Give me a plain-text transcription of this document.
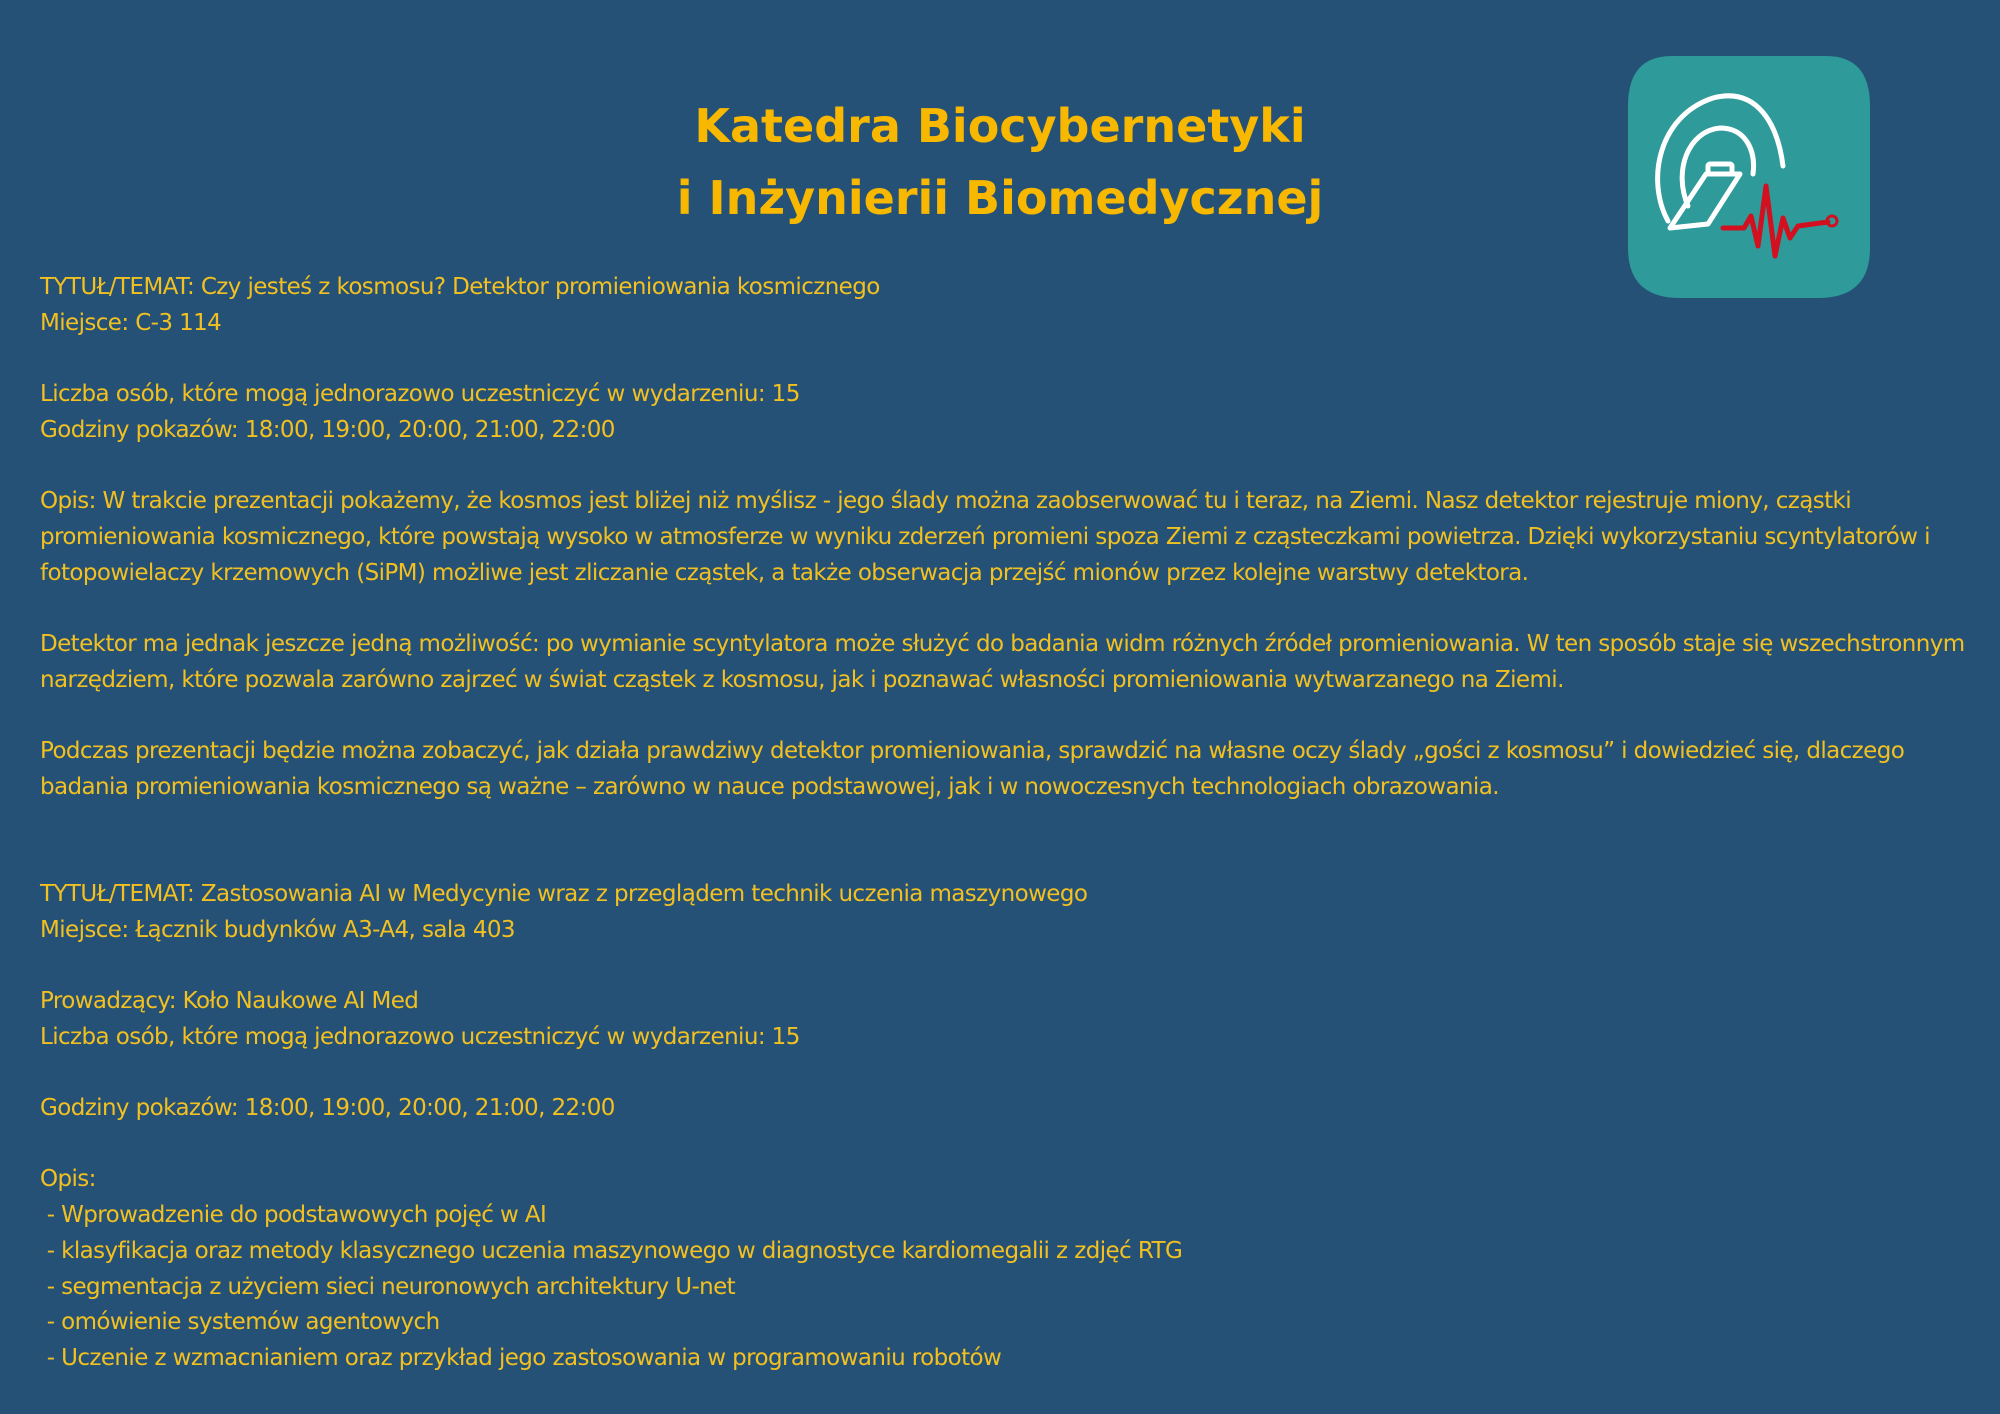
Katedra Biocybernetyki
i Inżynierii Biomedycznej
TYTUŁ/TEMAT: Czy jesteś z kosmosu? Detektor promieniowania kosmicznego
Miejsce: C-3 114
Liczba osób, które mogą jednorazowo uczestniczyć w wydarzeniu: 15
Godziny pokazów: 18:00, 19:00, 20:00, 21:00, 22:00
Opis: W trakcie prezentacji pokażemy, że kosmos jest bliżej niż myślisz - jego ślady można zaobserwować tu i teraz, na Ziemi. Nasz detektor rejestruje miony, cząstki promieniowania kosmicznego, które powstają wysoko w atmosferze w wyniku zderzeń promieni spoza Ziemi z cząsteczkami powietrza. Dzięki wykorzystaniu scyntylatorów i fotopowielaczy krzemowych (SiPM) możliwe jest zliczanie cząstek, a także obserwacja przejść mionów przez kolejne warstwy detektora.
Detektor ma jednak jeszcze jedną możliwość: po wymianie scyntylatora może służyć do badania widm różnych źródeł promieniowania. W ten sposób staje się wszechstronnym narzędziem, które pozwala zarówno zajrzeć w świat cząstek z kosmosu, jak i poznawać własności promieniowania wytwarzanego na Ziemi.
Podczas prezentacji będzie można zobaczyć, jak działa prawdziwy detektor promieniowania, sprawdzić na własne oczy ślady „gości z kosmosu” i dowiedzieć się, dlaczego badania promieniowania kosmicznego są ważne – zarówno w nauce podstawowej, jak i w nowoczesnych technologiach obrazowania.
TYTUŁ/TEMAT: Zastosowania AI w Medycynie wraz z przeglądem technik uczenia maszynowego
Miejsce: Łącznik budynków A3-A4, sala 403
Prowadzący: Koło Naukowe AI Med
Liczba osób, które mogą jednorazowo uczestniczyć w wydarzeniu: 15
Godziny pokazów: 18:00, 19:00, 20:00, 21:00, 22:00
Opis:
- Wprowadzenie do podstawowych pojęć w AI
- klasyfikacja oraz metody klasycznego uczenia maszynowego w diagnostyce kardiomegalii z zdjęć RTG
- segmentacja z użyciem sieci neuronowych architektury U-net
- omówienie systemów agentowych
- Uczenie z wzmacnianiem oraz przykład jego zastosowania w programowaniu robotów
